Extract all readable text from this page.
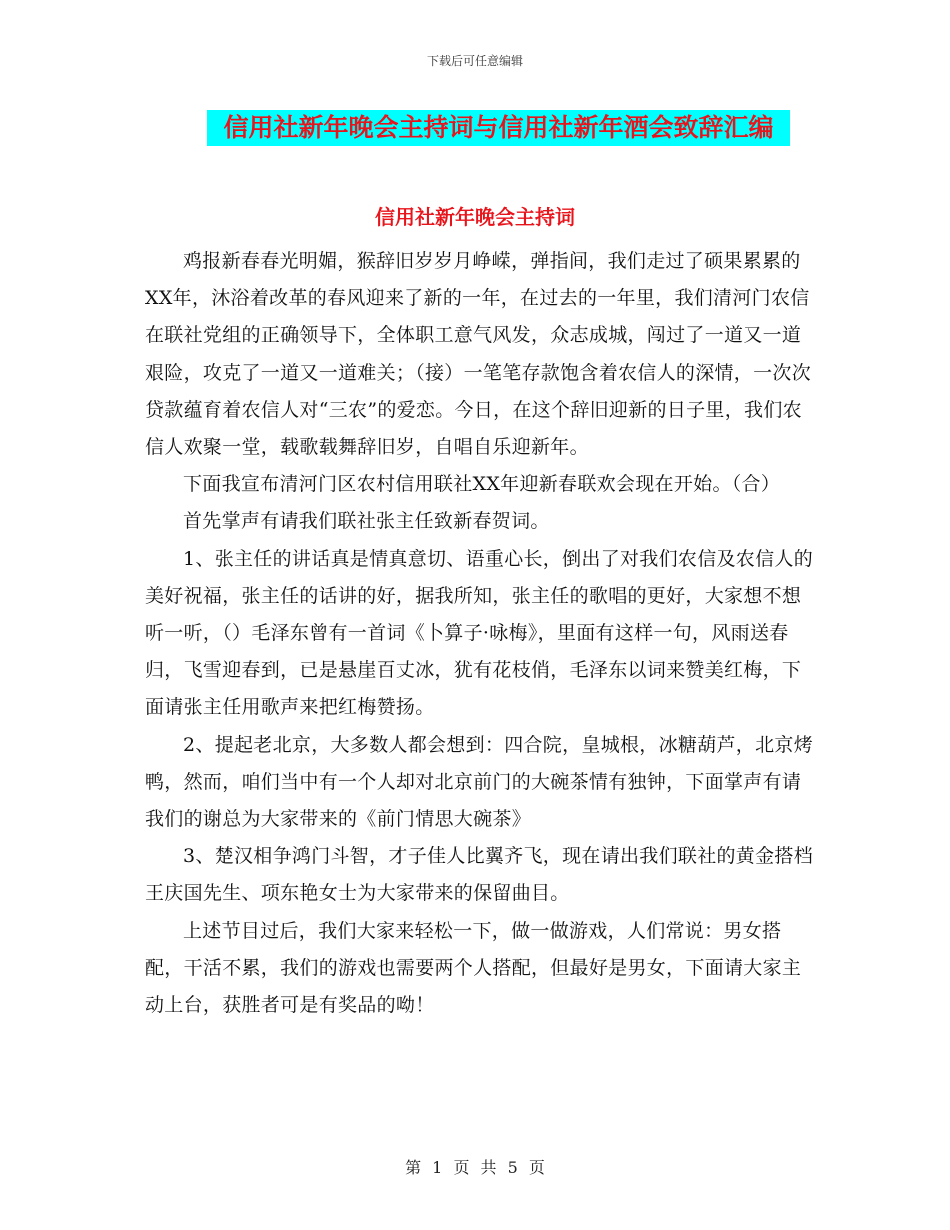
下载后可任意编辑
信用社新年晚会主持词与信用社新年酒会致辞汇编
信用社新年晚会主持词

鸡报新春春光明媚，猴辞旧岁岁月峥嵘，弹指间，我们走过了硕果累累的XX年，沐浴着改革的春风迎来了新的一年，在过去的一年里，我们清河门农信在联社党组的正确领导下，全体职工意气风发，众志成城，闯过了一道又一道艰险，攻克了一道又一道难关；（接）一笔笔存款饱含着农信人的深情，一次次贷款蕴育着农信人对“三农”的爱恋。今日，在这个辞旧迎新的日子里，我们农信人欢聚一堂，载歌载舞辞旧岁，自唱自乐迎新年。

下面我宣布清河门区农村信用联社XX年迎新春联欢会现在开始。（合）

首先掌声有请我们联社张主任致新春贺词。

1、张主任的讲话真是情真意切、语重心长，倒出了对我们农信及农信人的美好祝福，张主任的话讲的好，据我所知，张主任的歌唱的更好，大家想不想听一听，（）毛泽东曾有一首词《卜算子·咏梅》，里面有这样一句，风雨送春归，飞雪迎春到，已是悬崖百丈冰，犹有花枝俏，毛泽东以词来赞美红梅，下面请张主任用歌声来把红梅赞扬。

2、提起老北京，大多数人都会想到：四合院，皇城根，冰糖葫芦，北京烤鸭，然而，咱们当中有一个人却对北京前门的大碗茶情有独钟，下面掌声有请我们的谢总为大家带来的《前门情思大碗茶》

3、楚汉相争鸿门斗智，才子佳人比翼齐飞，现在请出我们联社的黄金搭档王庆国先生、项东艳女士为大家带来的保留曲目。

上述节目过后，我们大家来轻松一下，做一做游戏，人们常说：男女搭配，干活不累，我们的游戏也需要两个人搭配，但最好是男女，下面请大家主动上台，获胜者可是有奖品的呦！

第 1 页 共 5 页
